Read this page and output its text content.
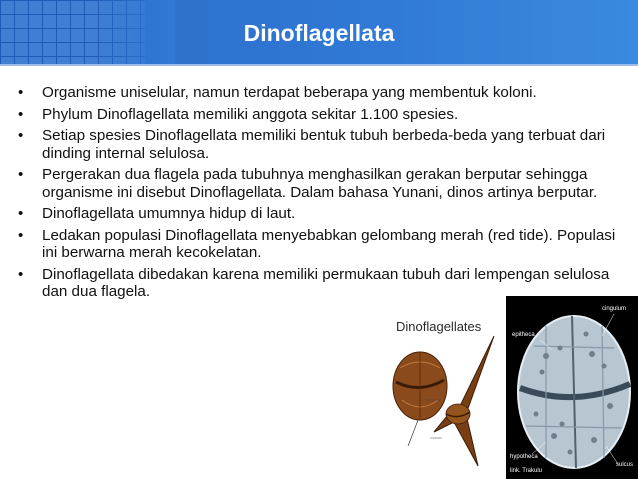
Dinoflagellata
• Organisme uniselular, namun terdapat beberapa yang membentuk koloni.
• Phylum Dinoflagellata memiliki anggota sekitar 1.100 spesies.
• Setiap spesies Dinoflagellata memiliki bentuk tubuh berbeda-beda yang terbuat dari dinding internal selulosa.
• Pergerakan dua flagela pada tubuhnya menghasilkan gerakan berputar sehingga organisme ini disebut Dinoflagellata. Dalam bahasa Yunani, dinos artinya berputar.
• Dinoflagellata umumnya hidup di laut.
• Ledakan populasi Dinoflagellata menyebabkan gelombang merah (red tide). Populasi ini berwarna merah kecokelatan.
• Dinoflagellata dibedakan karena memiliki permukaan tubuh dari lempengan selulosa dan dua flagela.
Dinoflagellates
cingulum
epitheca
hypotheca
sulcus
link. Trakulu
